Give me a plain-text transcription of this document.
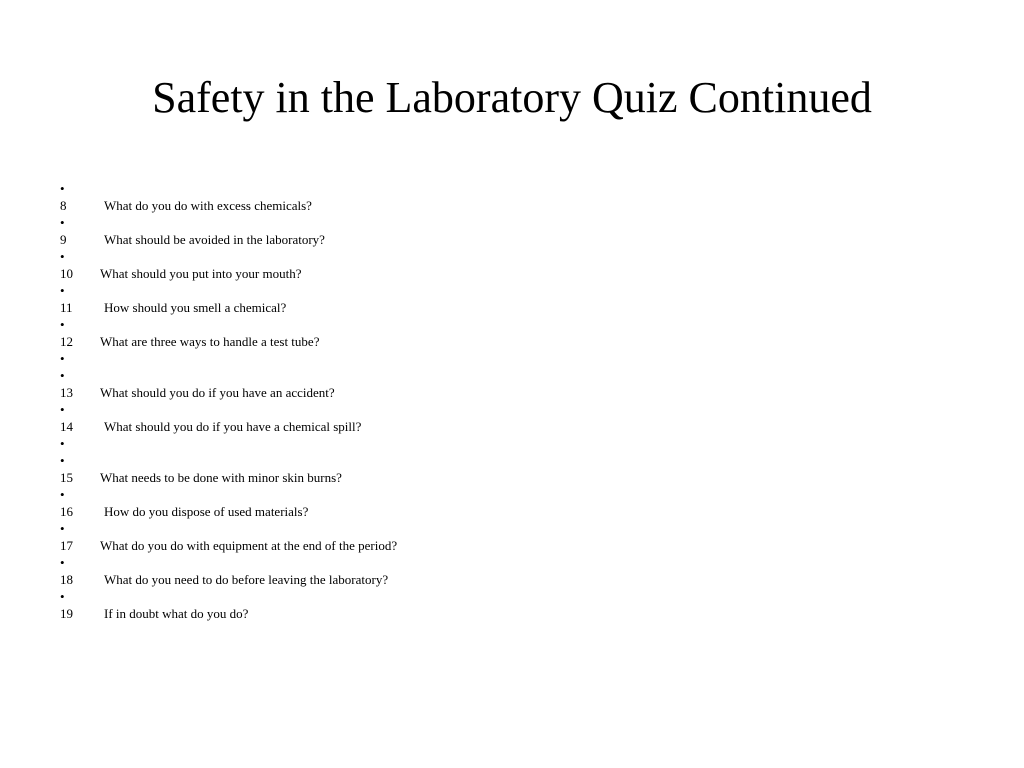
Safety in the Laboratory Quiz Continued
•
8	What do you do with excess chemicals?
•
9	What should be avoided in the laboratory?
•
10 What should you put into your mouth?
•
11 How should you smell a chemical?
•
12 What are three ways to handle a test tube?
•
•
13 What should you do if you have an accident?
•
14 What should you do if you have a chemical spill?
•
•
15 What needs to be done with minor skin burns?
•
16 How do you dispose of used materials?
•
17 What do you do with equipment at the end of the period?
•
18 What do you need to do before leaving the laboratory?
•
19 If in doubt what do you do?
